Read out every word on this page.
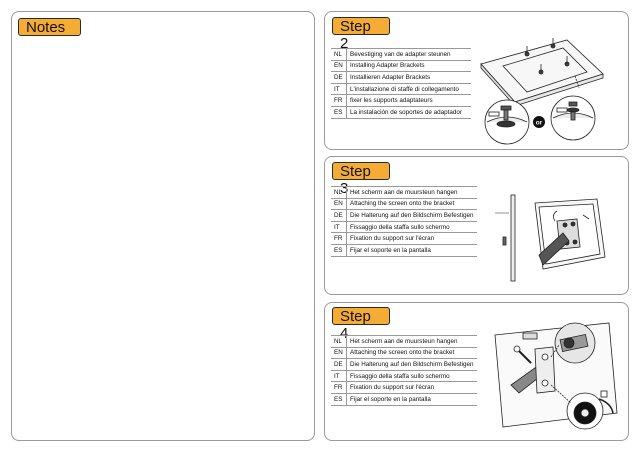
Notes	Step 2
NL	Bevestiging van de adapter steunen
EN	Installing Adapter Brackets
DE	Installieren Adapter Brackets
IT	L'installazione di staffe di collegamento
FR	fixer les supports adaptateurs
ES	La instalación de soportes de adaptador
or
Step 3
NL	Het scherm aan de muursteun hangen
EN	Attaching the screen onto the bracket
DE	Die Halterung auf den Bildschirm Befestigen
IT	Fissaggio della staffa sullo schermo
FR	Fixation du support sur l'écran
ES	Fijar el soporte en la pantalla
Step 4
NL	Het scherm aan de muursteun hangen
EN	Attaching the screen onto the bracket
DE	Die Halterung auf den Bildschirm Befestigen
IT	Fissaggio della staffa sullo schermo
FR	Fixation du support sur l'écran
ES	Fijar el soporte en la pantalla
